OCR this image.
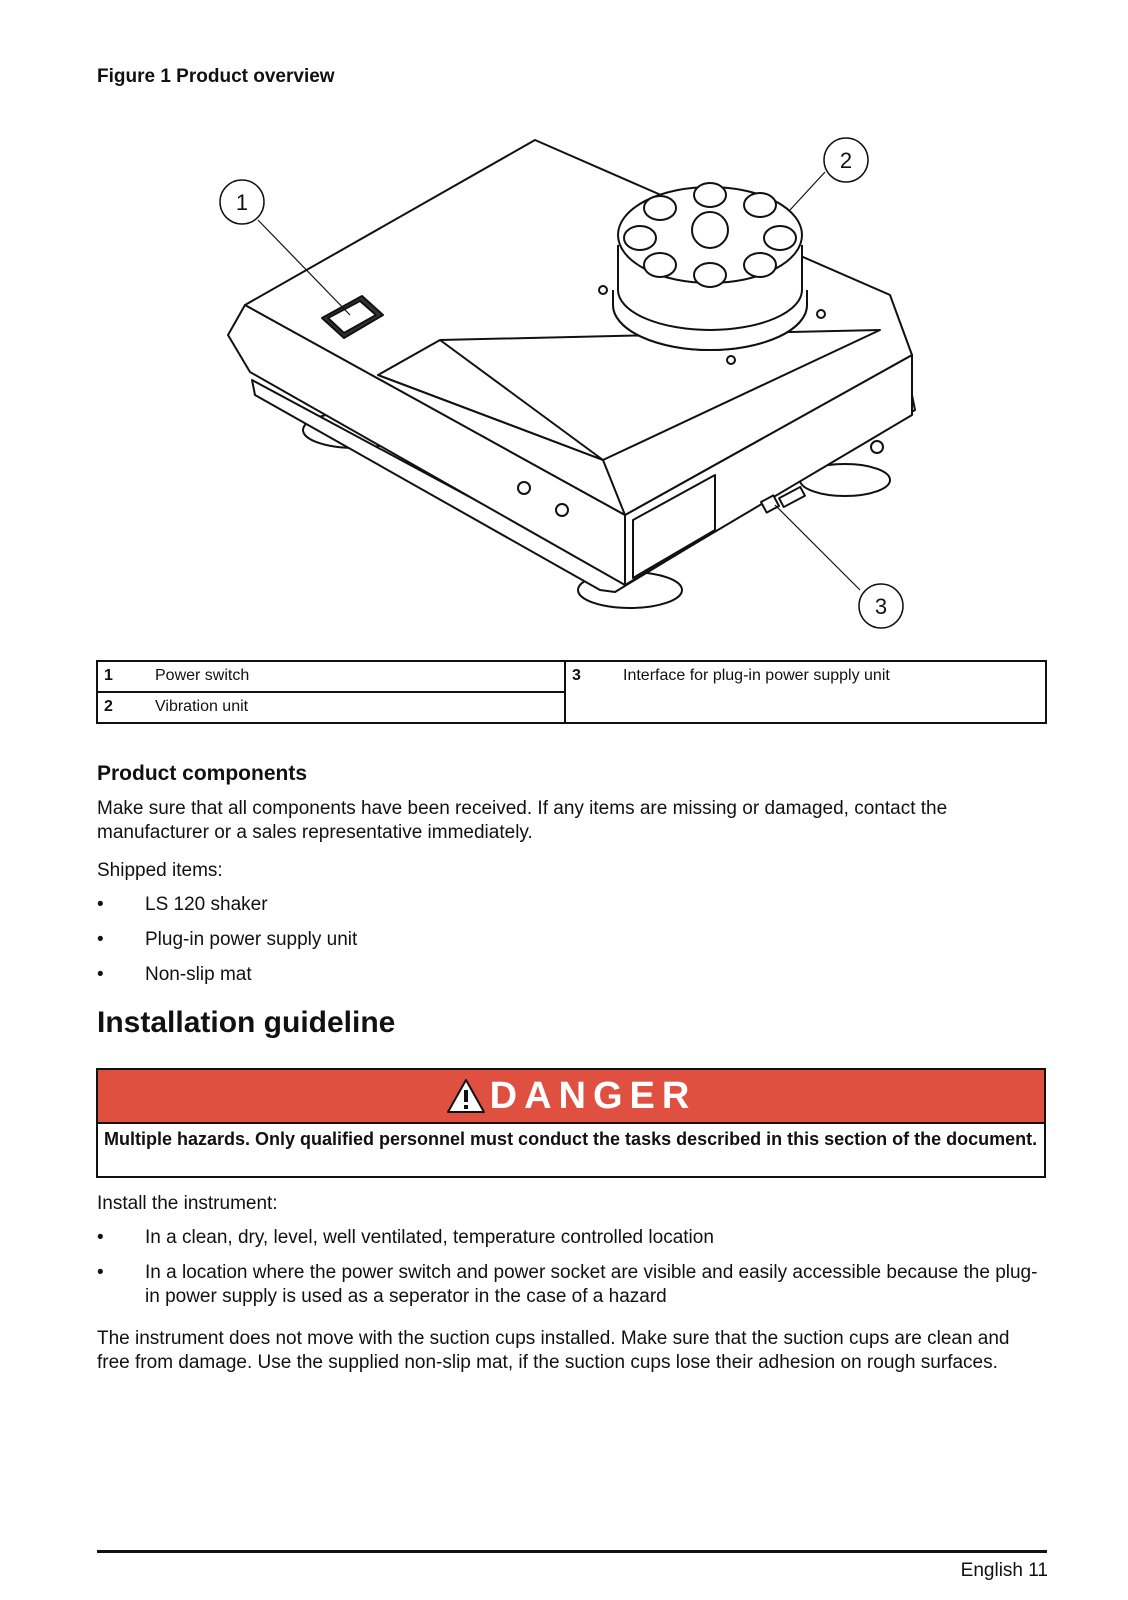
Figure 1 Product overview
1
2
3
1	Power switch	3	Interface for plug-in power supply unit

2	Vibration unit
Product components

Make sure that all components have been received. If any items are missing or damaged, contact the manufacturer or a sales representative immediately.

Shipped items:

•	LS 120 shaker
•	Plug-in power supply unit
•	Non-slip mat
Installation guideline
DANGER
Multiple hazards. Only qualified personnel must conduct the tasks described in this section of the document.

Install the instrument:

•	In a clean, dry, level, well ventilated, temperature controlled location
•	In a location where the power switch and power socket are visible and easily accessible because the plug-in power supply is used as a seperator in the case of a hazard

The instrument does not move with the suction cups installed. Make sure that the suction cups are clean and free from damage. Use the supplied non-slip mat, if the suction cups lose their adhesion on rough surfaces.

English 11
